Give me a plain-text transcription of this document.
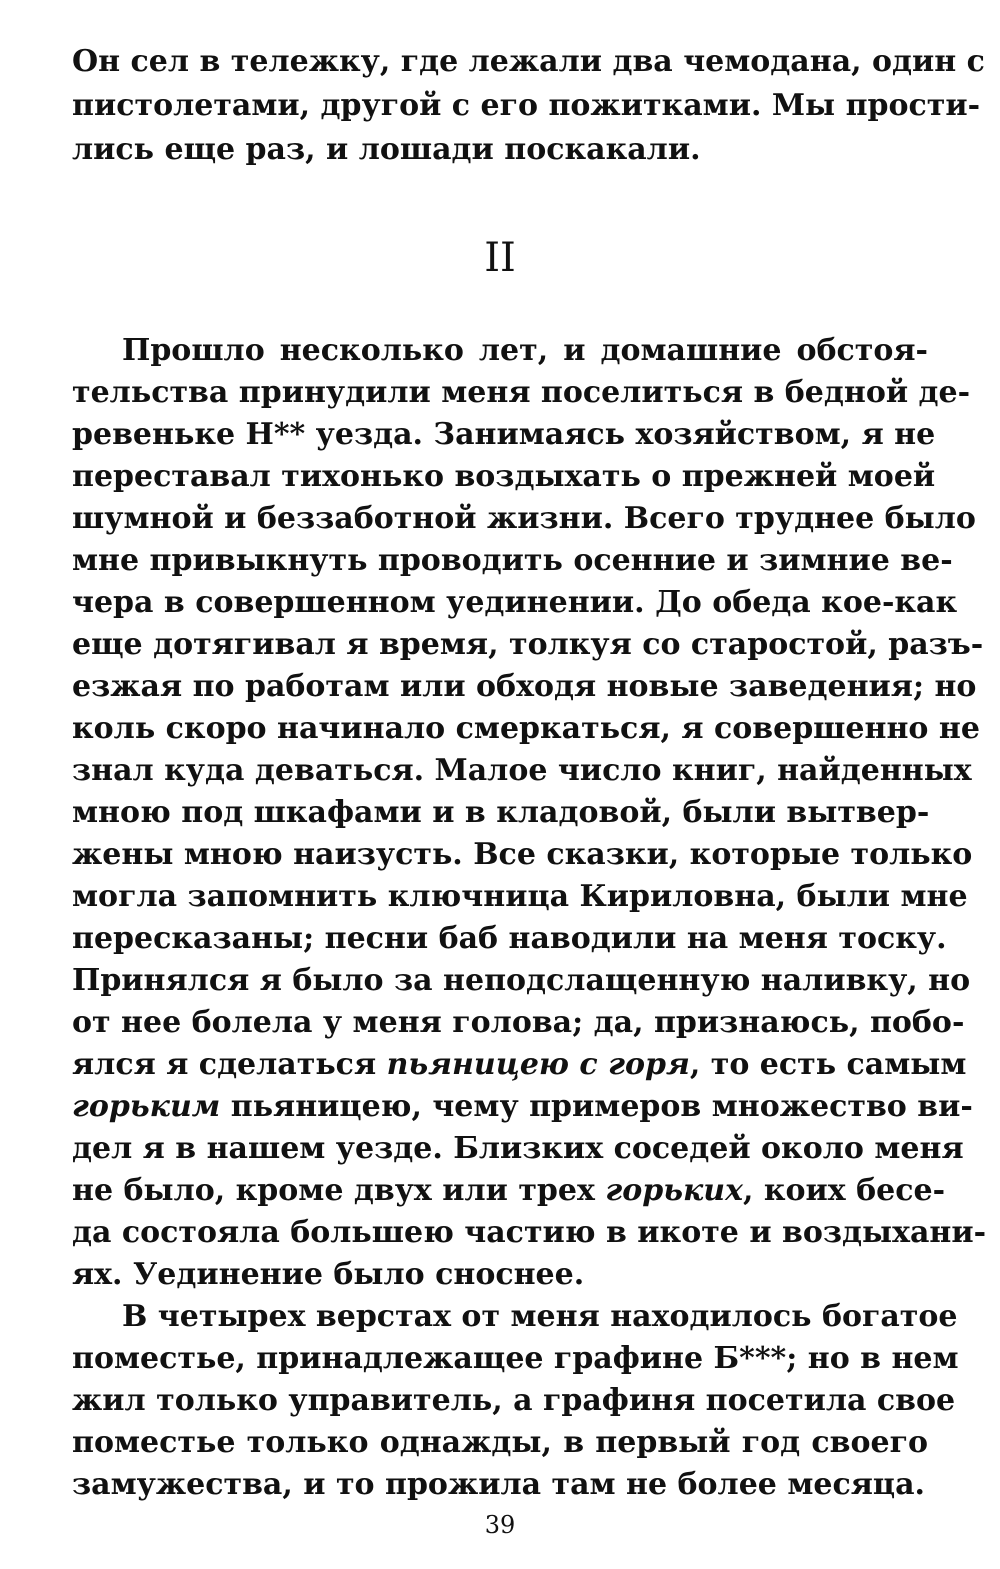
Он сел в тележку, где лежали два чемодана, один с
пистолетами, другой с его пожитками. Мы прости-
лись еще раз, и лошади поскакали.
II
Прошло несколько лет, и домашние обстоя-
тельства принудили меня поселиться в бедной де-
ревеньке Н** уезда. Занимаясь хозяйством, я не
переставал тихонько воздыхать о прежней моей
шумной и беззаботной жизни. Всего труднее было
мне привыкнуть проводить осенние и зимние ве-
чера в совершенном уединении. До обеда кое-как
еще дотягивал я время, толкуя со старостой, разъ-
езжая по работам или обходя новые заведения; но
коль скоро начинало смеркаться, я совершенно не
знал куда деваться. Малое число книг, найденных
мною под шкафами и в кладовой, были вытвер-
жены мною наизусть. Все сказки, которые только
могла запомнить ключница Кириловна, были мне
пересказаны; песни баб наводили на меня тоску.
Принялся я было за неподслащенную наливку, но
от нее болела у меня голова; да, признаюсь, побо-
ялся я сделаться пьяницею с горя, то есть самым
горьким пьяницею, чему примеров множество ви-
дел я в нашем уезде. Близких соседей около меня
не было, кроме двух или трех горьких, коих бесе-
да состояла большею частию в икоте и воздыхани-
ях. Уединение было сноснее.
В четырех верстах от меня находилось богатое
поместье, принадлежащее графине Б***; но в нем
жил только управитель, а графиня посетила свое
поместье только однажды, в первый год своего
замужества, и то прожила там не более месяца.
39
